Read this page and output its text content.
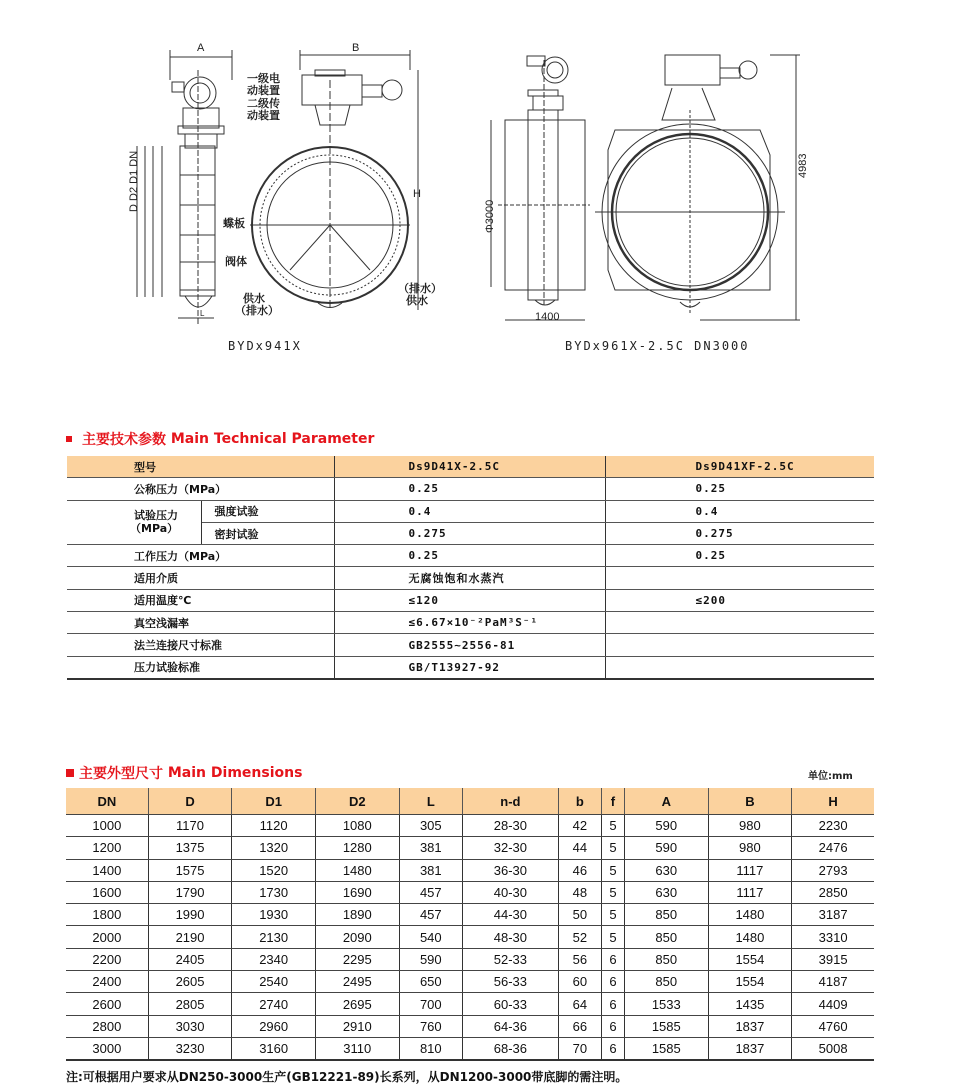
A	B
H
D D2 D1 DN
L
一级电
动装置
二级传
动装置
蝶板
阀体
供水
（排水）
（排水）
供水
Φ3000
1400
4983
BYDx941X	BYDx961X-2.5C DN3000
主要技术参数
Main Technical Parameter
型号		Ds9D41X-2.5C	Ds9D41XF-2.5C
公称压力（MPa）		0.25	0.25

试验压力
（MPa）	强度试验	0.4	0.4
	密封试验	0.275	0.275
工作压力（MPa）		0.25	0.25
适用介质		无腐蚀饱和水蒸汽	
适用温度℃		≤120	≤200
真空浅漏率		≤6.67×10⁻²PaM³S⁻¹	
法兰连接尺寸标准		GB2555~2556-81	
压力试验标准		GB/T13927-92	
主要外型尺寸
Main Dimensions	单位:mm
DN	D	D1	D2	L	n-d	b	f	A	B	H
1000	1170	1120	1080	305	28-30	42	5	590	980	2230
1200	1375	1320	1280	381	32-30	44	5	590	980	2476
1400	1575	1520	1480	381	36-30	46	5	630	1117	2793
1600	1790	1730	1690	457	40-30	48	5	630	1117	2850
1800	1990	1930	1890	457	44-30	50	5	850	1480	3187
2000	2190	2130	2090	540	48-30	52	5	850	1480	3310
2200	2405	2340	2295	590	52-33	56	6	850	1554	3915
2400	2605	2540	2495	650	56-33	60	6	850	1554	4187
2600	2805	2740	2695	700	60-33	64	6	1533	1435	4409
2800	3030	2960	2910	760	64-36	66	6	1585	1837	4760
3000	3230	3160	3110	810	68-36	70	6	1585	1837	5008
注:可根据用户要求从DN250-3000生产(GB12221-89)长系列，从DN1200-3000带底脚的需注明。
